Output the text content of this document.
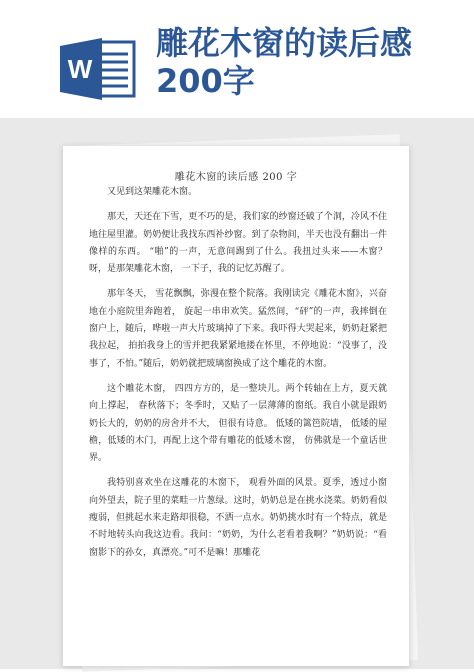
W
雕花木窗的读后感200字
雕花木窗的读后感 200 字

又见到这架雕花木窗。

那天，天还在下雪，更不巧的是，我们家的纱窗还破了个洞，冷风不住地往屋里灌。奶奶便让我找东西补纱窗。到了杂物间，半天也没有翻出一件像样的东西。 “啪”的一声，无意间踢到了什么。我扭过头来——木窗？呀，是那架雕花木窗， 一下子，我的记忆苏醒了。

那年冬天， 雪花飘飘，弥漫在整个院落。我刚读完《雕花木窗》，兴奋地在小庭院里奔跑着， 旋起一串串欢笑。猛然间，“砰”的一声，我摔倒在窗户上，随后，哗啦一声大片玻璃掉了下来。我吓得大哭起来，奶奶赶紧把我拉起， 拍拍我身上的雪并把我紧紧地搂在怀里，不停地说：“没事了，没事了，不怕。”随后，奶奶就把玻璃窗换成了这个雕花的木窗。

这个雕花木窗， 四四方方的，是一整块儿。两个转轴在上方，夏天就向上撑起， 春秋落下；冬季时，又贴了一层薄薄的窗纸。我自小就是跟奶奶长大的，奶奶的房舍并不大， 但很有诗意。 低矮的篱笆院墙， 低矮的屋檐，低矮的木门，再配上这个带有雕花的低矮木窗， 仿佛就是一个童话世界。

我特别喜欢坐在这雕花的木窗下， 观看外面的风景。夏季，透过小窗向外望去，院子里的菜畦一片葱绿。这时，奶奶总是在挑水浇菜。奶奶看似瘦弱，但挑起水来走路却很稳，不洒一点水。奶奶挑水时有一个特点，就是不时地转头向我这边看。我问：“奶奶，为什么老看着我啊？”奶奶说：“看窗影下的孙女，真漂亮。”可不是嘛！那雕花
